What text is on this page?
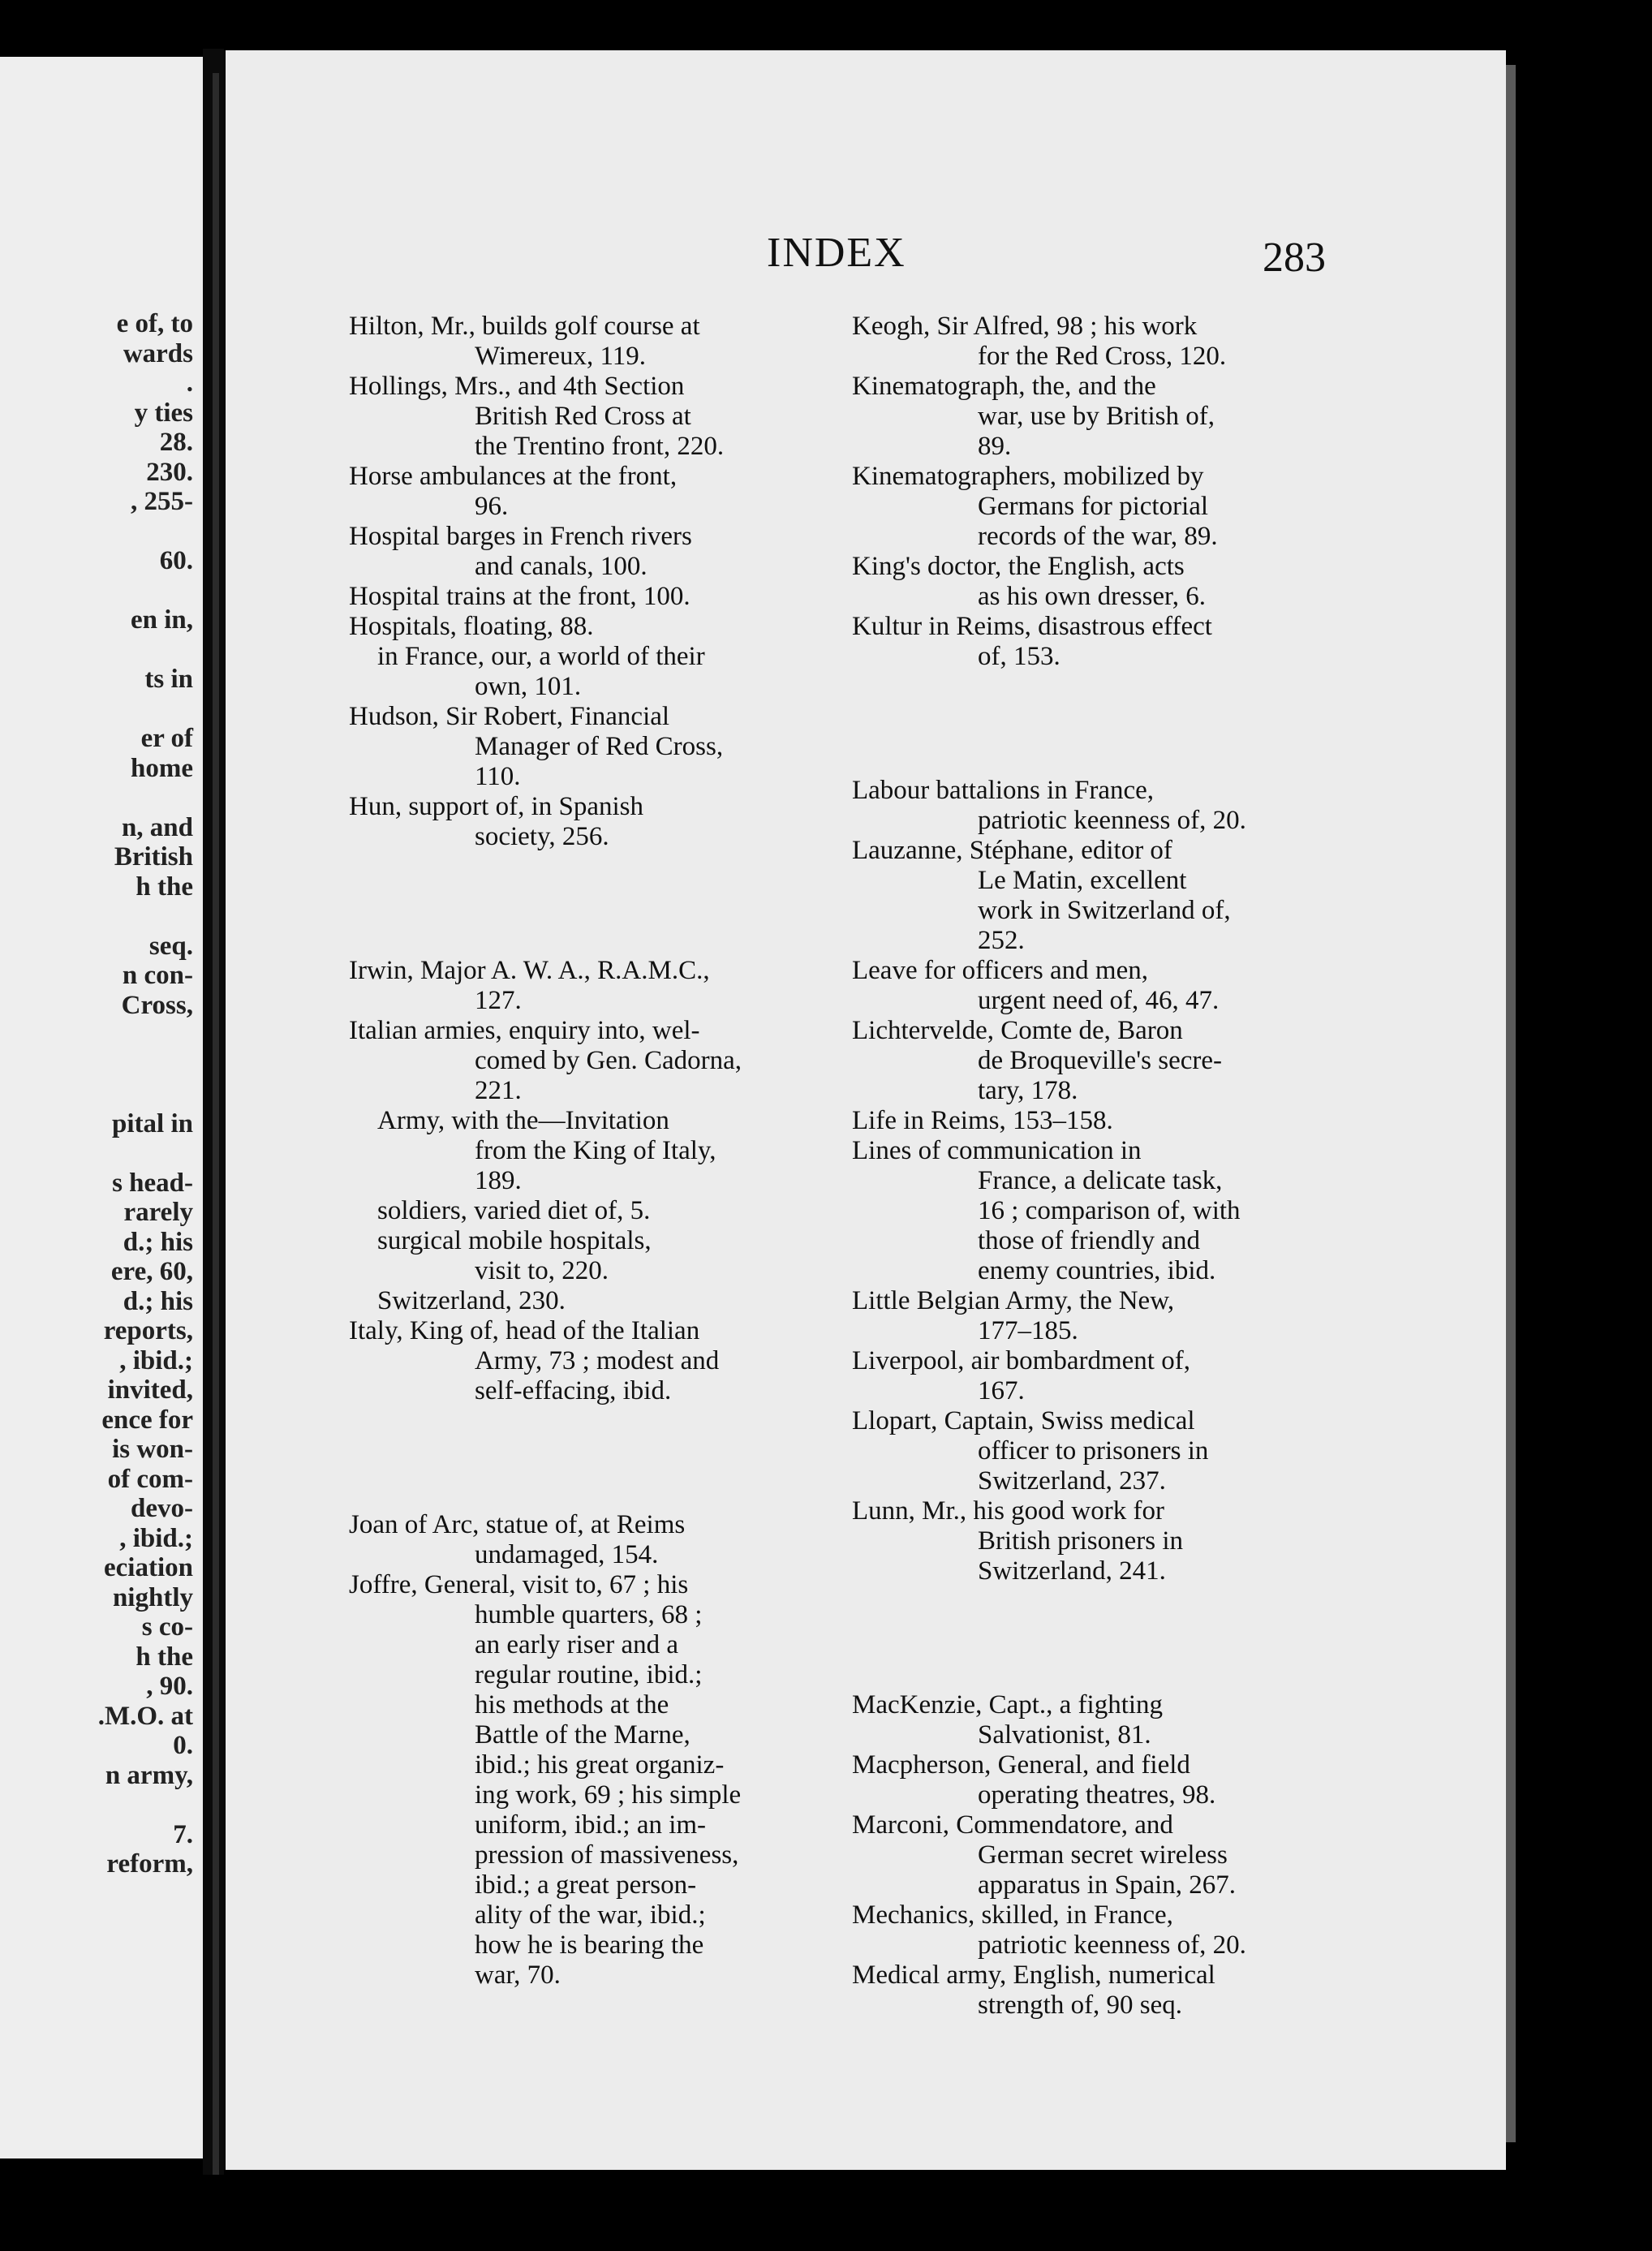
e of, to
wards
.
y ties
28.
230.
, 255-
60.
en in,
ts in
er of
home
n, and
British
h the
seq.
n con-
Cross,
pital in
s head-
rarely
d.; his
ere, 60,
d.; his
reports,
, ibid.;
invited,
ence for
is won-
of com-
devo-
, ibid.;
eciation
nightly
s co-
h the
, 90.
.M.O. at
0.
n army,
7.
reform,
INDEX	283
Hilton, Mr., builds golf course at
Wimereux, 119.
Hollings, Mrs., and 4th Section
British Red Cross at
the Trentino front, 220.
Horse ambulances at the front,
96.
Hospital barges in French rivers
and canals, 100.
Hospital trains at the front, 100.
Hospitals, floating, 88.
in France, our, a world of their
own, 101.
Hudson, Sir Robert, Financial
Manager of Red Cross,
110.
Hun, support of, in Spanish
society, 256.
Irwin, Major A. W. A., R.A.M.C.,
127.
Italian armies, enquiry into, wel-
comed by Gen. Cadorna,
221.
Army, with the—Invitation
from the King of Italy,
189.
soldiers, varied diet of, 5.
surgical mobile hospitals,
visit to, 220.
Switzerland, 230.
Italy, King of, head of the Italian
Army, 73 ; modest and
self-effacing, ibid.
Joan of Arc, statue of, at Reims
undamaged, 154.
Joffre, General, visit to, 67 ; his
humble quarters, 68 ;
an early riser and a
regular routine, ibid.;
his methods at the
Battle of the Marne,
ibid.; his great organiz-
ing work, 69 ; his simple
uniform, ibid.; an im-
pression of massiveness,
ibid.; a great person-
ality of the war, ibid.;
how he is bearing the
war, 70.
Keogh, Sir Alfred, 98 ; his work
for the Red Cross, 120.
Kinematograph, the, and the
war, use by British of,
89.
Kinematographers, mobilized by
Germans for pictorial
records of the war, 89.
King's doctor, the English, acts
as his own dresser, 6.
Kultur in Reims, disastrous effect
of, 153.
Labour battalions in France,
patriotic keenness of, 20.
Lauzanne, Stéphane, editor of
Le Matin, excellent
work in Switzerland of,
252.
Leave for officers and men,
urgent need of, 46, 47.
Lichtervelde, Comte de, Baron
de Broqueville's secre-
tary, 178.
Life in Reims, 153–158.
Lines of communication in
France, a delicate task,
16 ; comparison of, with
those of friendly and
enemy countries, ibid.
Little Belgian Army, the New,
177–185.
Liverpool, air bombardment of,
167.
Llopart, Captain, Swiss medical
officer to prisoners in
Switzerland, 237.
Lunn, Mr., his good work for
British prisoners in
Switzerland, 241.
MacKenzie, Capt., a fighting
Salvationist, 81.
Macpherson, General, and field
operating theatres, 98.
Marconi, Commendatore, and
German secret wireless
apparatus in Spain, 267.
Mechanics, skilled, in France,
patriotic keenness of, 20.
Medical army, English, numerical
strength of, 90 seq.
